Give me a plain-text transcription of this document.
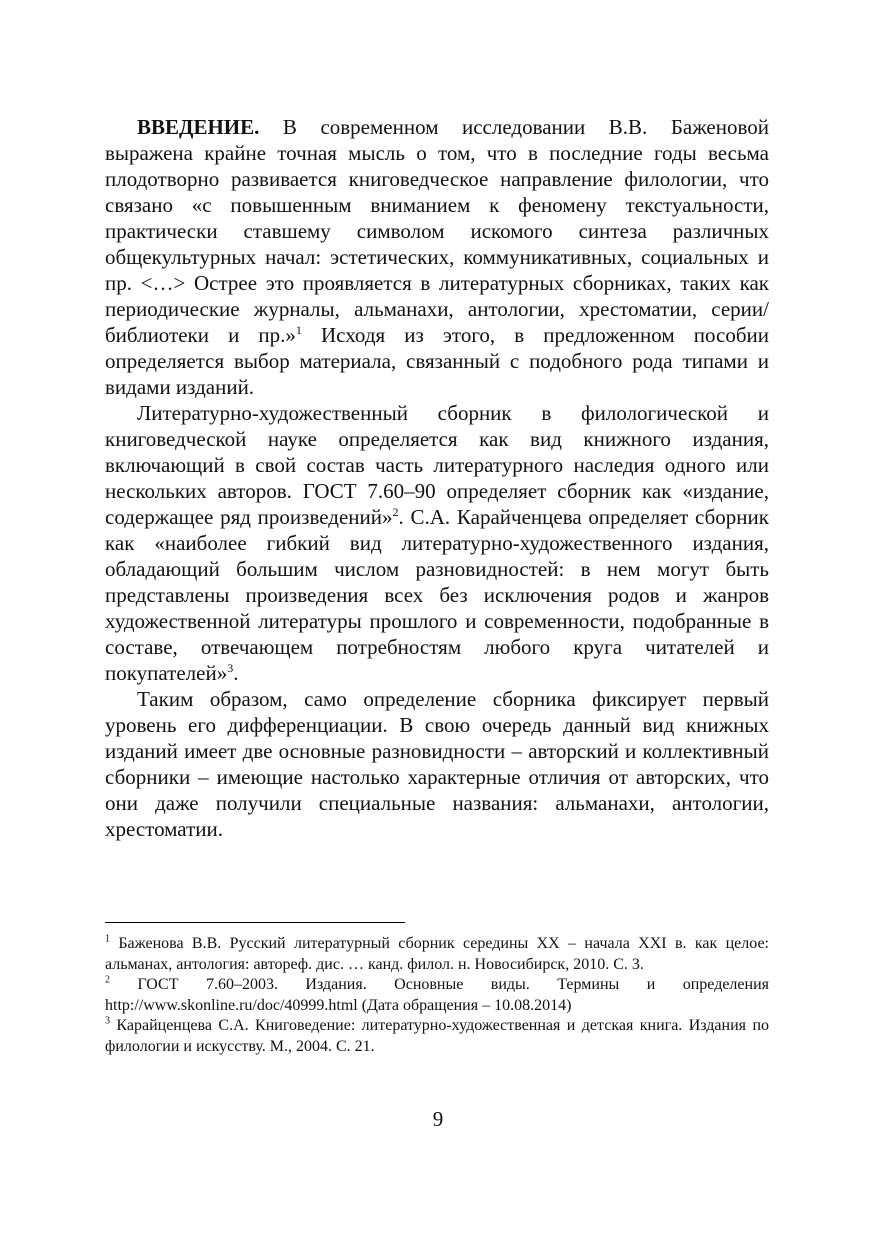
ВВЕДЕНИЕ. В современном исследовании В.В. Баженовой выражена крайне точная мысль о том, что в последние годы весьма плодотворно развивается книговедческое направление филологии, что связано «с повышенным вниманием к феномену текстуальности, практически ставшему символом искомого синтеза различных общекультурных начал: эстетических, коммуникативных, социальных и пр. <…> Острее это проявляется в литературных сборниках, таких как периодические журналы, альманахи, антологии, хрестоматии, серии/библиотеки и пр.»$^1$ Исходя из этого, в предложенном пособии определяется выбор материала, связанный с подобного рода типами и видами изданий.

Литературно-художественный сборник в филологической и книговедческой науке определяется как вид книжного издания, включающий в свой состав часть литературного наследия одного или нескольких авторов. ГОСТ 7.60–90 определяет сборник как «издание, содержащее ряд произведений»$^2$. С.А. Карайченцева определяет сборник как «наиболее гибкий вид литературно-художественного издания, обладающий большим числом разновидностей: в нем могут быть представлены произведения всех без исключения родов и жанров художественной литературы прошлого и современности, подобранные в составе, отвечающем потребностям любого круга читателей и покупателей»$^3$.

Таким образом, само определение сборника фиксирует первый уровень его дифференциации. В свою очередь данный вид книжных изданий имеет две основные разновидности – авторский и коллективный сборники – имеющие настолько характерные отличия от авторских, что они даже получили специальные названия: альманахи, антологии, хрестоматии.

$^1$ Баженова В.В. Русский литературный сборник середины XX – начала XXI в. как целое: альманах, антология: автореф. дис. … канд. филол. н. Новосибирск, 2010. С. 3.

$^2$ ГОСТ 7.60–2003. Издания. Основные виды. Термины и определения http://www.skonline.ru/doc/40999.html (Дата обращения – 10.08.2014)

$^3$ Карайценцева С.А. Книговедение: литературно-художественная и детская книга. Издания по филологии и искусству. М., 2004. С. 21.

9
